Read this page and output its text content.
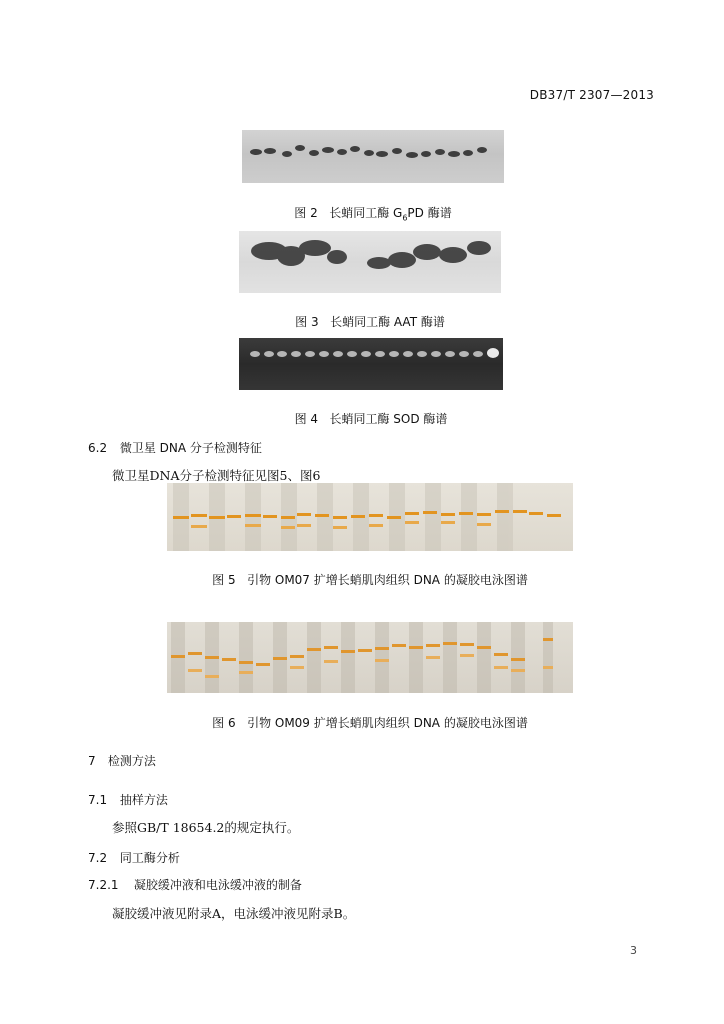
DB37/T 2307—2013
图 2 长蛸同工酶 $G_6PD$ 酶谱
图 3 长蛸同工酶 AAT 酶谱
图 4 长蛸同工酶 SOD 酶谱
6.2 微卫星 DNA 分子检测特征
微卫星DNA分子检测特征见图5、图6
图 5 引物 OM07 扩增长蛸肌肉组织 DNA 的凝胶电泳图谱
图 6 引物 OM09 扩增长蛸肌肉组织 DNA 的凝胶电泳图谱
7 检测方法
7.1 抽样方法
参照GB/T 18654.2的规定执行。
7.2 同工酶分析
7.2.1 凝胶缓冲液和电泳缓冲液的制备
凝胶缓冲液见附录A，电泳缓冲液见附录B。
3
